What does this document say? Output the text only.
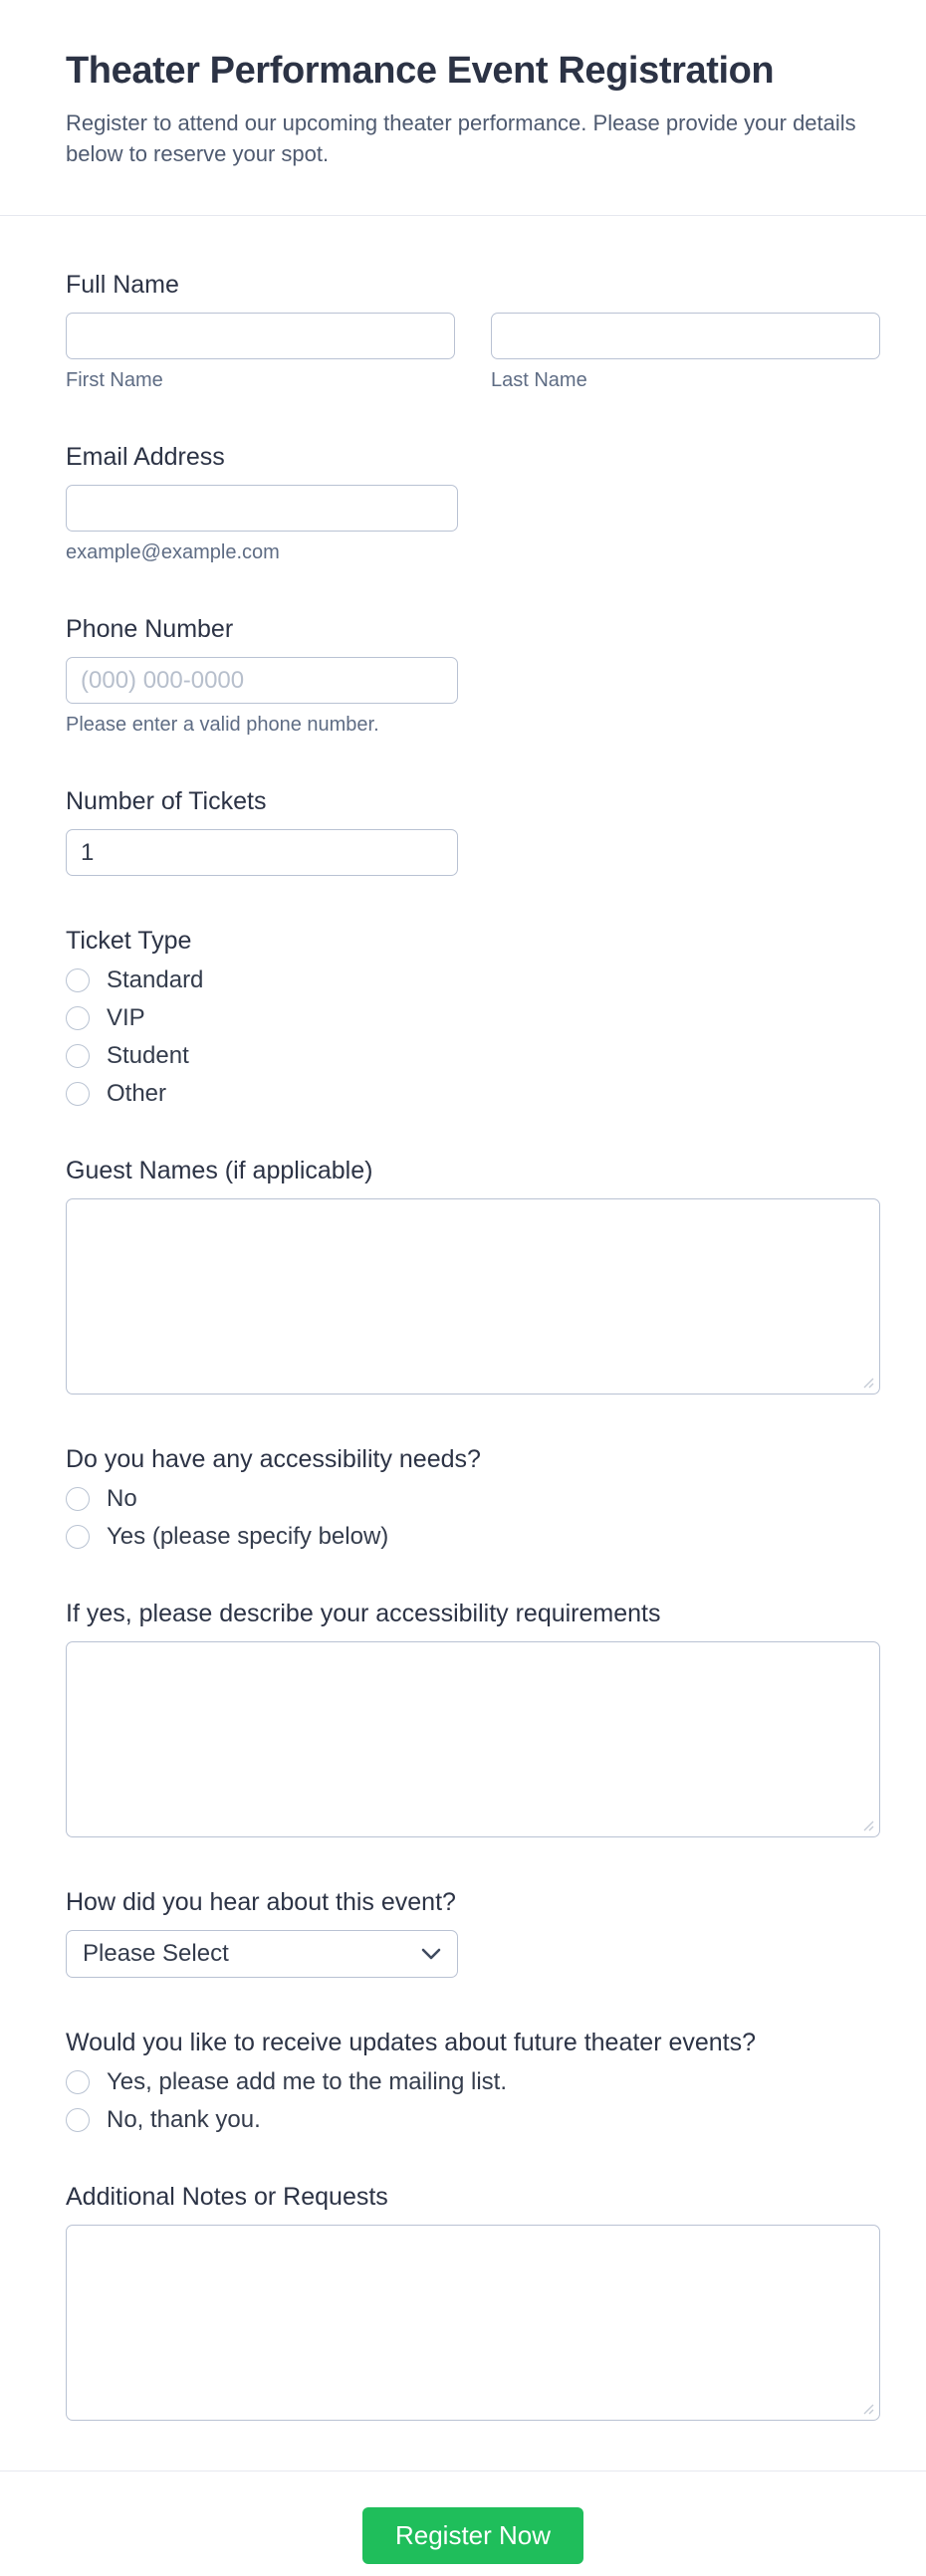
Theater Performance Event Registration
Register to attend our upcoming theater performance. Please provide your details below to reserve your spot.
Full Name
First Name	Last Name
Email Address
example@example.com
Phone Number
(000) 000-0000
Please enter a valid phone number.
Number of Tickets
1
Ticket Type
Standard
VIP
Student
Other
Guest Names (if applicable)
Do you have any accessibility needs?
No
Yes (please specify below)
If yes, please describe your accessibility requirements
How did you hear about this event?
Please Select
Would you like to receive updates about future theater events?
Yes, please add me to the mailing list.
No, thank you.
Additional Notes or Requests
Register Now
